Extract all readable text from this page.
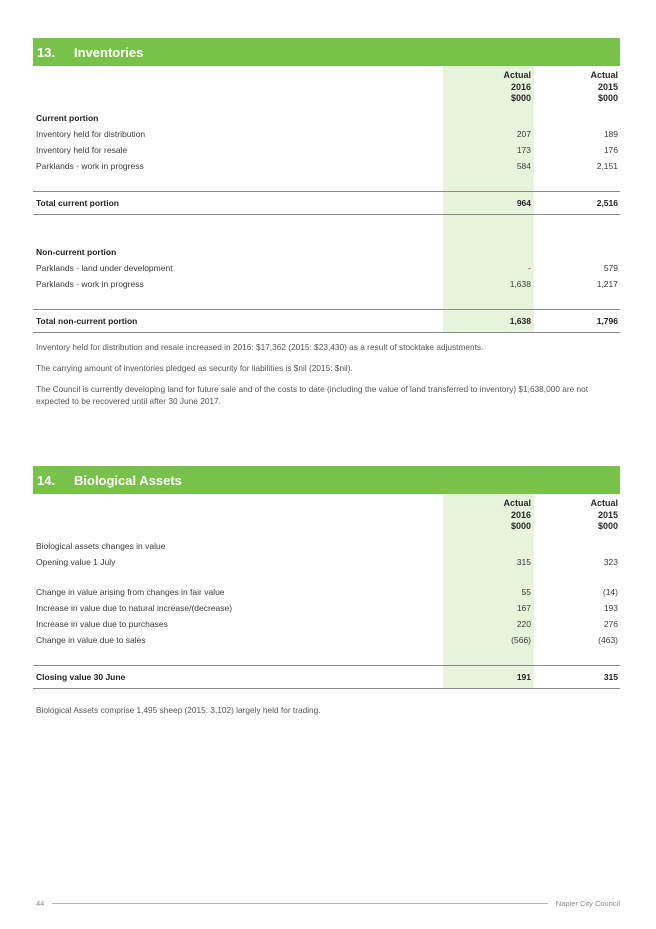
13.	Inventories
Actual
2016
$000
Actual
2015
$000
Current portion
Inventory held for distribution	207	189
Inventory held for resale	173	176
Parklands - work in progress	584	2,151
Total current portion	964	2,516
Non-current portion
Parklands - land under development	-	579
Parklands - work in progress	1,638	1,217
Total non-current portion	1,638	1,796
Inventory held for distribution and resale increased in 2016: $17,362 (2015: $23,430) as a result of stocktake adjustments.
The carrying amount of inventories pledged as security for liabilities is $nil (2015: $nil).
The Council is currently developing land for future sale and of the costs to date (including the value of land transferred to inventory) $1,638,000 are not expected to be recovered until after 30 June 2017.
14.	Biological Assets
Actual
2016
$000
Actual
2015
$000
Biological assets changes in value
Opening value 1 July	315	323
Change in value arising from changes in fair value	55	(14)
Increase in value due to natural increase/(decrease)	167	193
Increase in value due to purchases	220	276
Change in value due to sales	(566)	(463)
Closing value 30 June	191	315
Biological Assets comprise 1,495 sheep (2015: 3,102) largely held for trading.
44	Napier City Council
